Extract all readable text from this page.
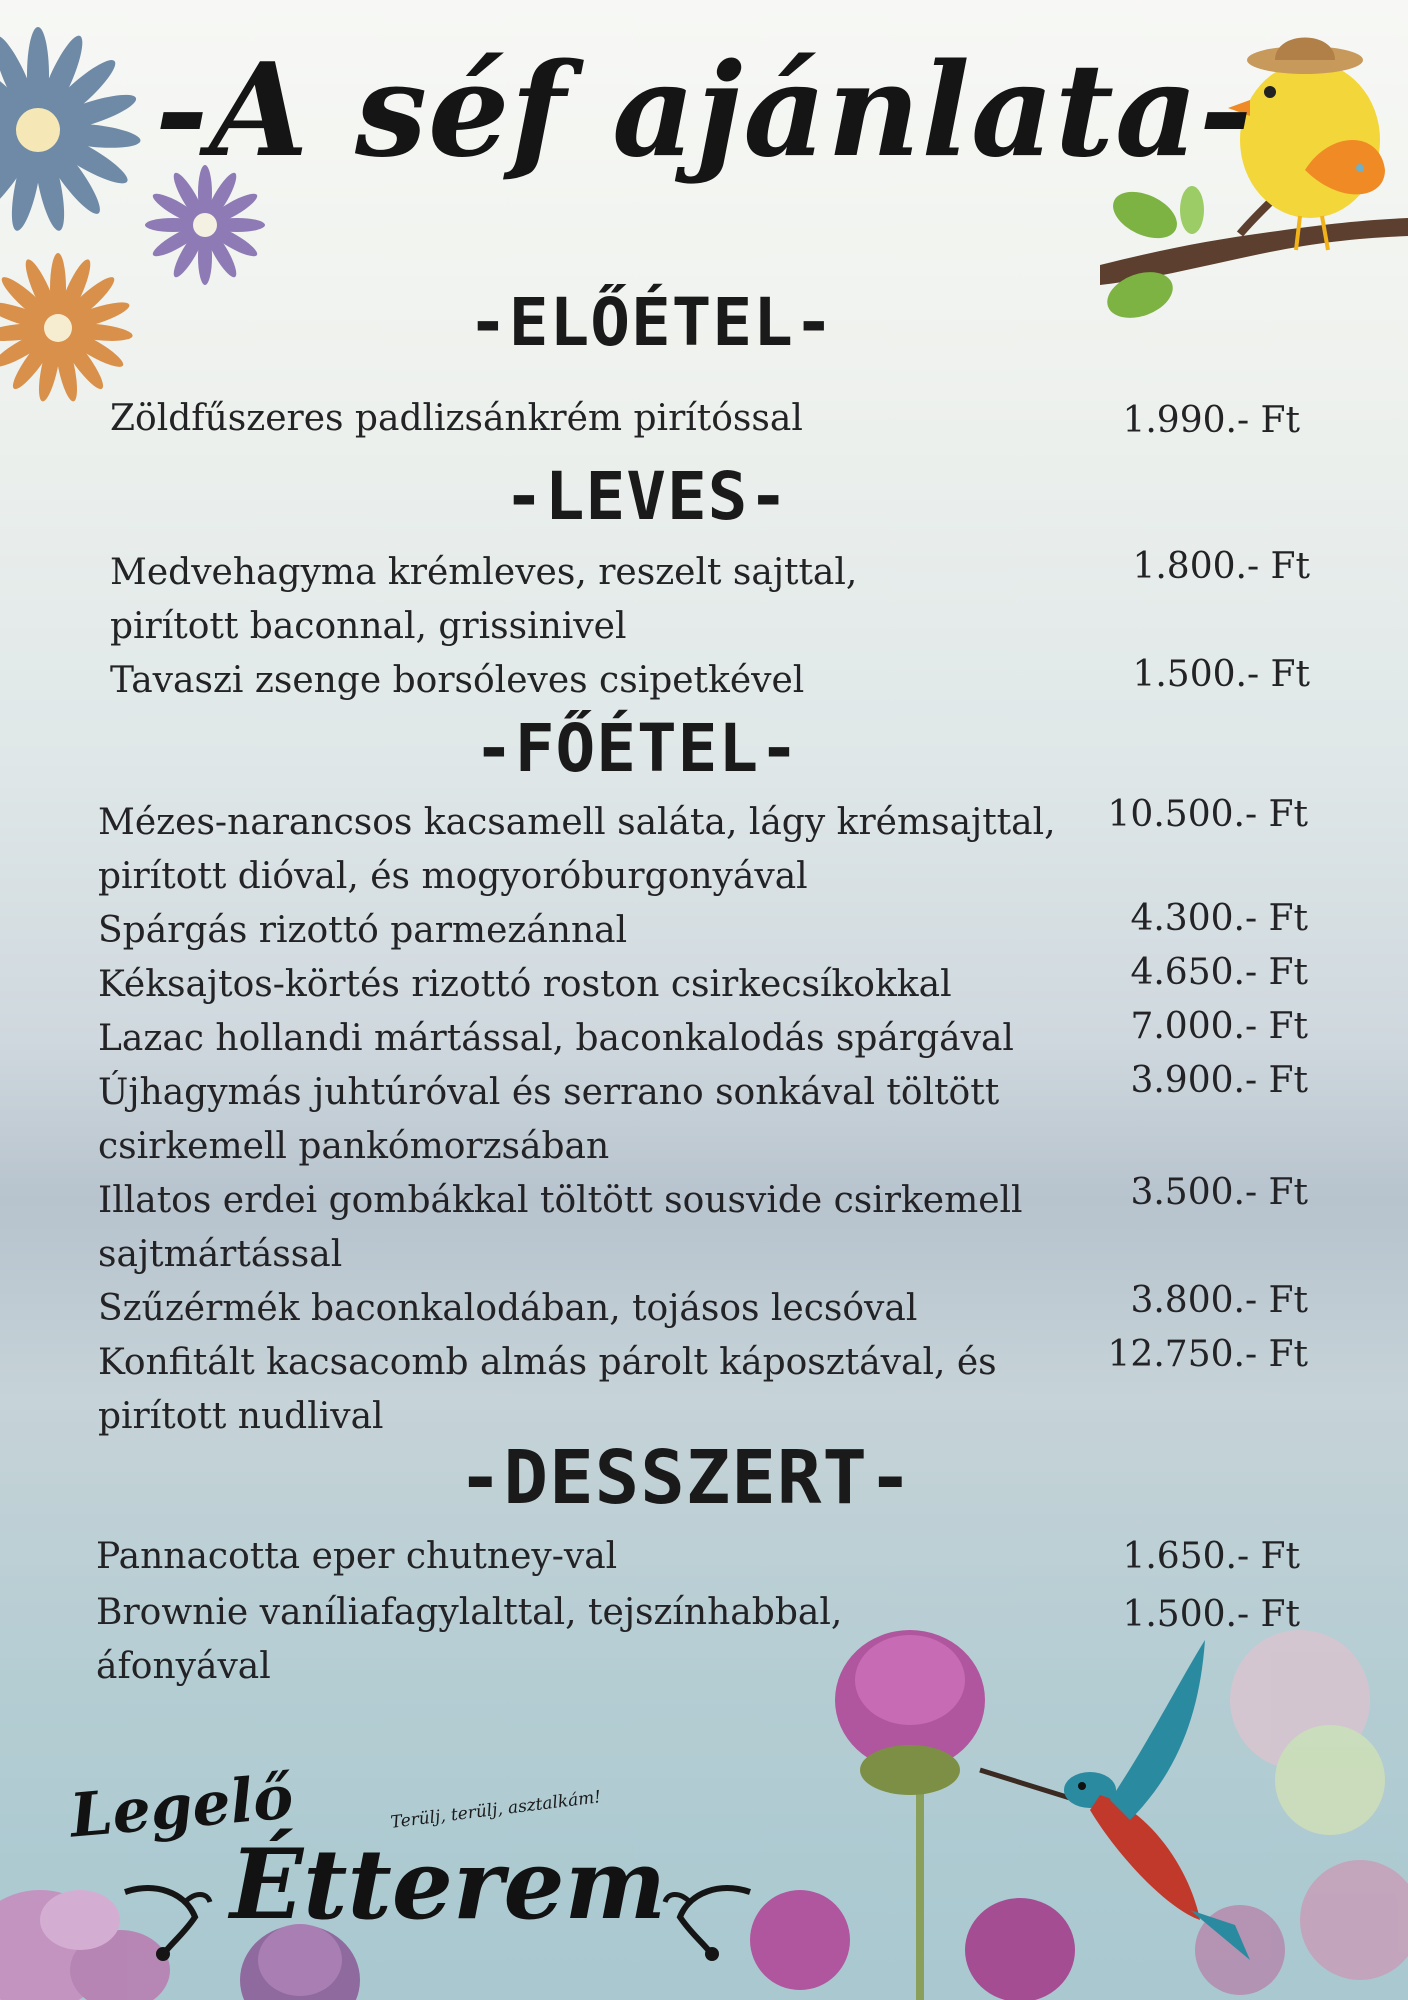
-A séf ajánlata-
-ELŐÉTEL-
Zöldfűszeres padlizsánkrém pirítóssal	1.990.- Ft
-LEVES-
Medvehagyma krémleves, reszelt sajttal,
pirított baconnal, grissinivel
1.800.- Ft
Tavaszi zsenge borsóleves csipetkével	1.500.- Ft
-FŐÉTEL-
Mézes-narancsos kacsamell saláta, lágy krémsajttal,
pirított dióval, és mogyoróburgonyával
10.500.- Ft
Spárgás rizottó parmezánnal	4.300.- Ft
Kéksajtos-körtés rizottó roston csirkecsíkokkal	4.650.- Ft
Lazac hollandi mártással, baconkalodás spárgával	7.000.- Ft
Újhagymás juhtúróval és serrano sonkával töltött
csirkemell pankómorzsában
3.900.- Ft
Illatos erdei gombákkal töltött sousvide csirkemell
sajtmártással
3.500.- Ft
Szűzérmék baconkalodában, tojásos lecsóval	3.800.- Ft
Konfitált kacsacomb almás párolt káposztával, és
pirított nudlival
12.750.- Ft
-DESSZERT-
Pannacotta eper chutney-val	1.650.- Ft
Brownie vaníliafagylalttal, tejszínhabbal,
áfonyával
1.500.- Ft
Legelő
Étterem
Terülj, terülj, asztalkám!
